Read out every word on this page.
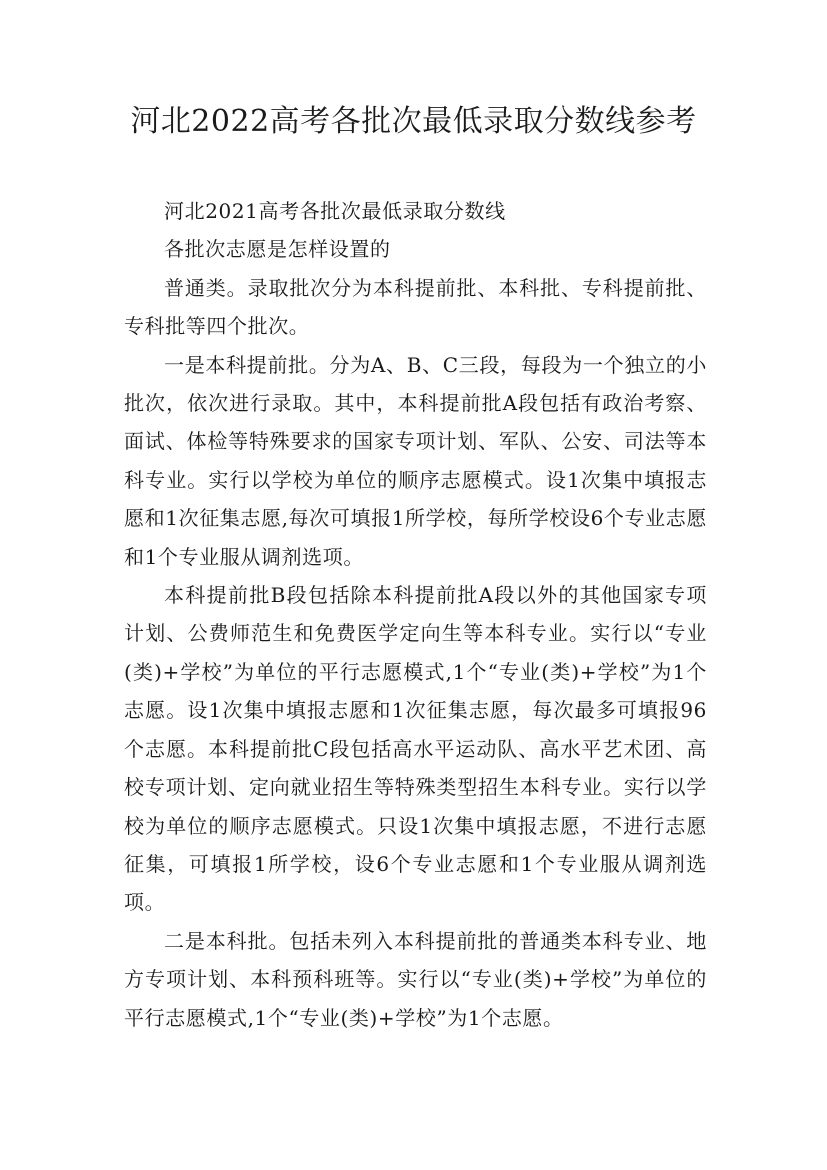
河北2022高考各批次最低录取分数线参考

河北2021高考各批次最低录取分数线

各批次志愿是怎样设置的

普通类。录取批次分为本科提前批、本科批、专科提前批、专科批等四个批次。

一是本科提前批。分为A、B、C三段，每段为一个独立的小批次，依次进行录取。其中，本科提前批A段包括有政治考察、面试、体检等特殊要求的国家专项计划、军队、公安、司法等本科专业。实行以学校为单位的顺序志愿模式。设1次集中填报志愿和1次征集志愿,每次可填报1所学校，每所学校设6个专业志愿和1个专业服从调剂选项。

本科提前批B段包括除本科提前批A段以外的其他国家专项计划、公费师范生和免费医学定向生等本科专业。实行以“专业(类)+学校”为单位的平行志愿模式,1个“专业(类)+学校”为1个志愿。设1次集中填报志愿和1次征集志愿，每次最多可填报96个志愿。本科提前批C段包括高水平运动队、高水平艺术团、高校专项计划、定向就业招生等特殊类型招生本科专业。实行以学校为单位的顺序志愿模式。只设1次集中填报志愿，不进行志愿征集，可填报1所学校，设6个专业志愿和1个专业服从调剂选项。

二是本科批。包括未列入本科提前批的普通类本科专业、地方专项计划、本科预科班等。实行以“专业(类)+学校”为单位的平行志愿模式,1个“专业(类)+学校”为1个志愿。
